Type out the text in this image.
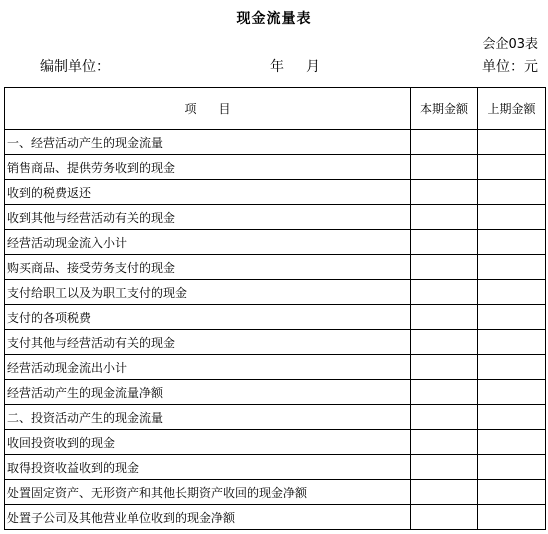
现金流量表
会企03表
编制单位：	年 月	单位：元
项 目	本期金额	上期金额
一、经营活动产生的现金流量		
销售商品、提供劳务收到的现金		
收到的税费返还		
收到其他与经营活动有关的现金		
经营活动现金流入小计		
购买商品、接受劳务支付的现金		
支付给职工以及为职工支付的现金		
支付的各项税费		
支付其他与经营活动有关的现金		
经营活动现金流出小计		
经营活动产生的现金流量净额		
二、投资活动产生的现金流量		
收回投资收到的现金		
取得投资收益收到的现金		
处置固定资产、无形资产和其他长期资产收回的现金净额		
处置子公司及其他营业单位收到的现金净额		
